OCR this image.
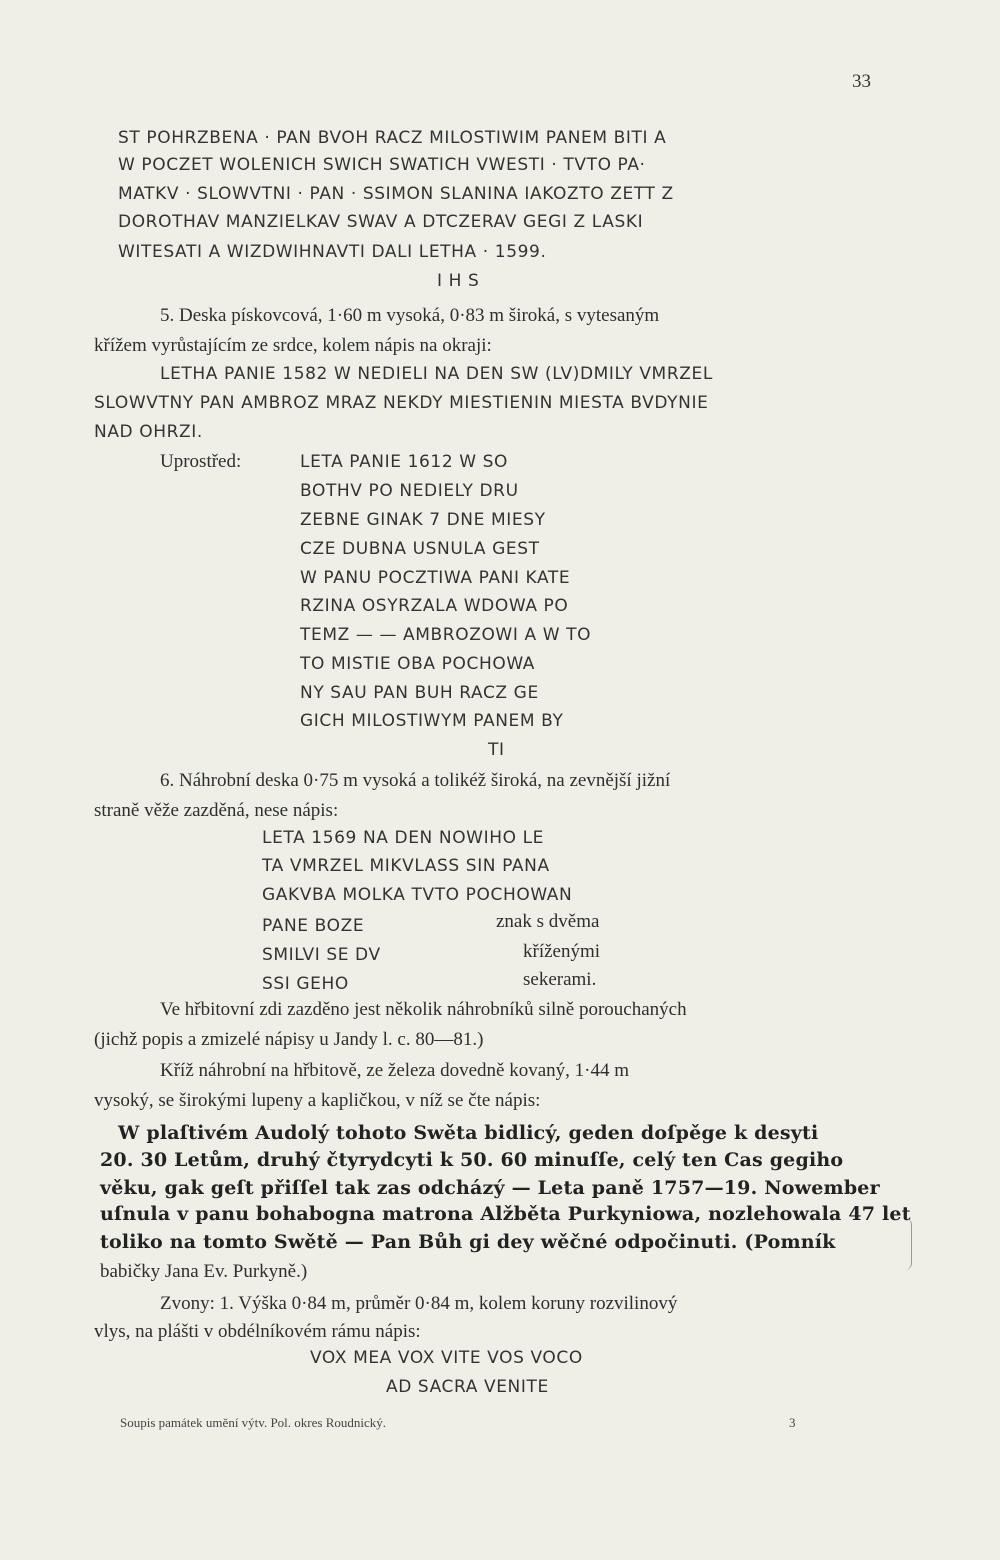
33
ST POHRZBENA · PAN BVOH RACZ MILOSTIWIM PANEM BITI A
W POCZET WOLENICH SWICH SWATICH VWESTI · TVTO PA·
MATKV · SLOWVTNI · PAN · SSIMON SLANINA IAKOZTO ZETT Z
DOROTHAV MANZIELKAV SWAV A DTCZERAV GEGI Z LASKI
WITESATI A WIZDWIHNAVTI DALI LETHA · 1599.
I H S
5. Deska pískovcová, 1·60 m vysoká, 0·83 m široká, s vytesaným
křížem vyrůstajícím ze srdce, kolem nápis na okraji:
LETHA PANIE 1582 W NEDIELI NA DEN SW (LV)DMILY VMRZEL
SLOWVTNY PAN AMBROZ MRAZ NEKDY MIESTIENIN MIESTA BVDYNIE
NAD OHRZI.
Uprostřed:	LETA PANIE 1612 W SO
BOTHV PO NEDIELY DRU
ZEBNE GINAK 7 DNE MIESY
CZE DUBNA USNULA GEST
W PANU POCZTIWA PANI KATE
RZINA OSYRZALA WDOWA PO
TEMZ — — AMBROZOWI A W TO
TO MISTIE OBA POCHOWA
NY SAU PAN BUH RACZ GE
GICH MILOSTIWYM PANEM BY
TI
6. Náhrobní deska 0·75 m vysoká a tolikéž široká, na zevnější jižní
straně věže zazděná, nese nápis:
LETA 1569 NA DEN NOWIHO LE
TA VMRZEL MIKVLASS SIN PANA
GAKVBA MOLKA TVTO POCHOWAN
PANE BOZE
SMILVI SE DV
SSI GEHO
znak s dvěma
kříženými
sekerami.
Ve hřbitovní zdi zazděno jest několik náhrobníků silně porouchaných
(jichž popis a zmizelé nápisy u Jandy l. c. 80—81.)
Kříž náhrobní na hřbitově, ze železa dovedně kovaný, 1·44 m
vysoký, se širokými lupeny a kapličkou, v níž se čte nápis:
W plaſtivém Audolý tohoto Swěta bidlicý, geden doſpěge k desyti
20. 30 Letům, druhý čtyrydcyti k 50. 60 minuſſe, celý ten Cas gegiho
věku, gak geſt přiſſel tak zas odcházý — Leta paně 1757—19. Nowember
uſnula v panu bohabogna matrona Alžběta Purkyniowa, nozlehowala 47 let
toliko na tomto Swětě — Pan Bůh gi dey wěčné odpočinuti. (Pomník
babičky Jana Ev. Purkyně.)
Zvony: 1. Výška 0·84 m, průměr 0·84 m, kolem koruny rozvilinový
vlys, na plášti v obdélníkovém rámu nápis:
VOX MEA VOX VITE VOS VOCO
AD SACRA VENITE
Soupis památek umění výtv. Pol. okres Roudnický.	3
